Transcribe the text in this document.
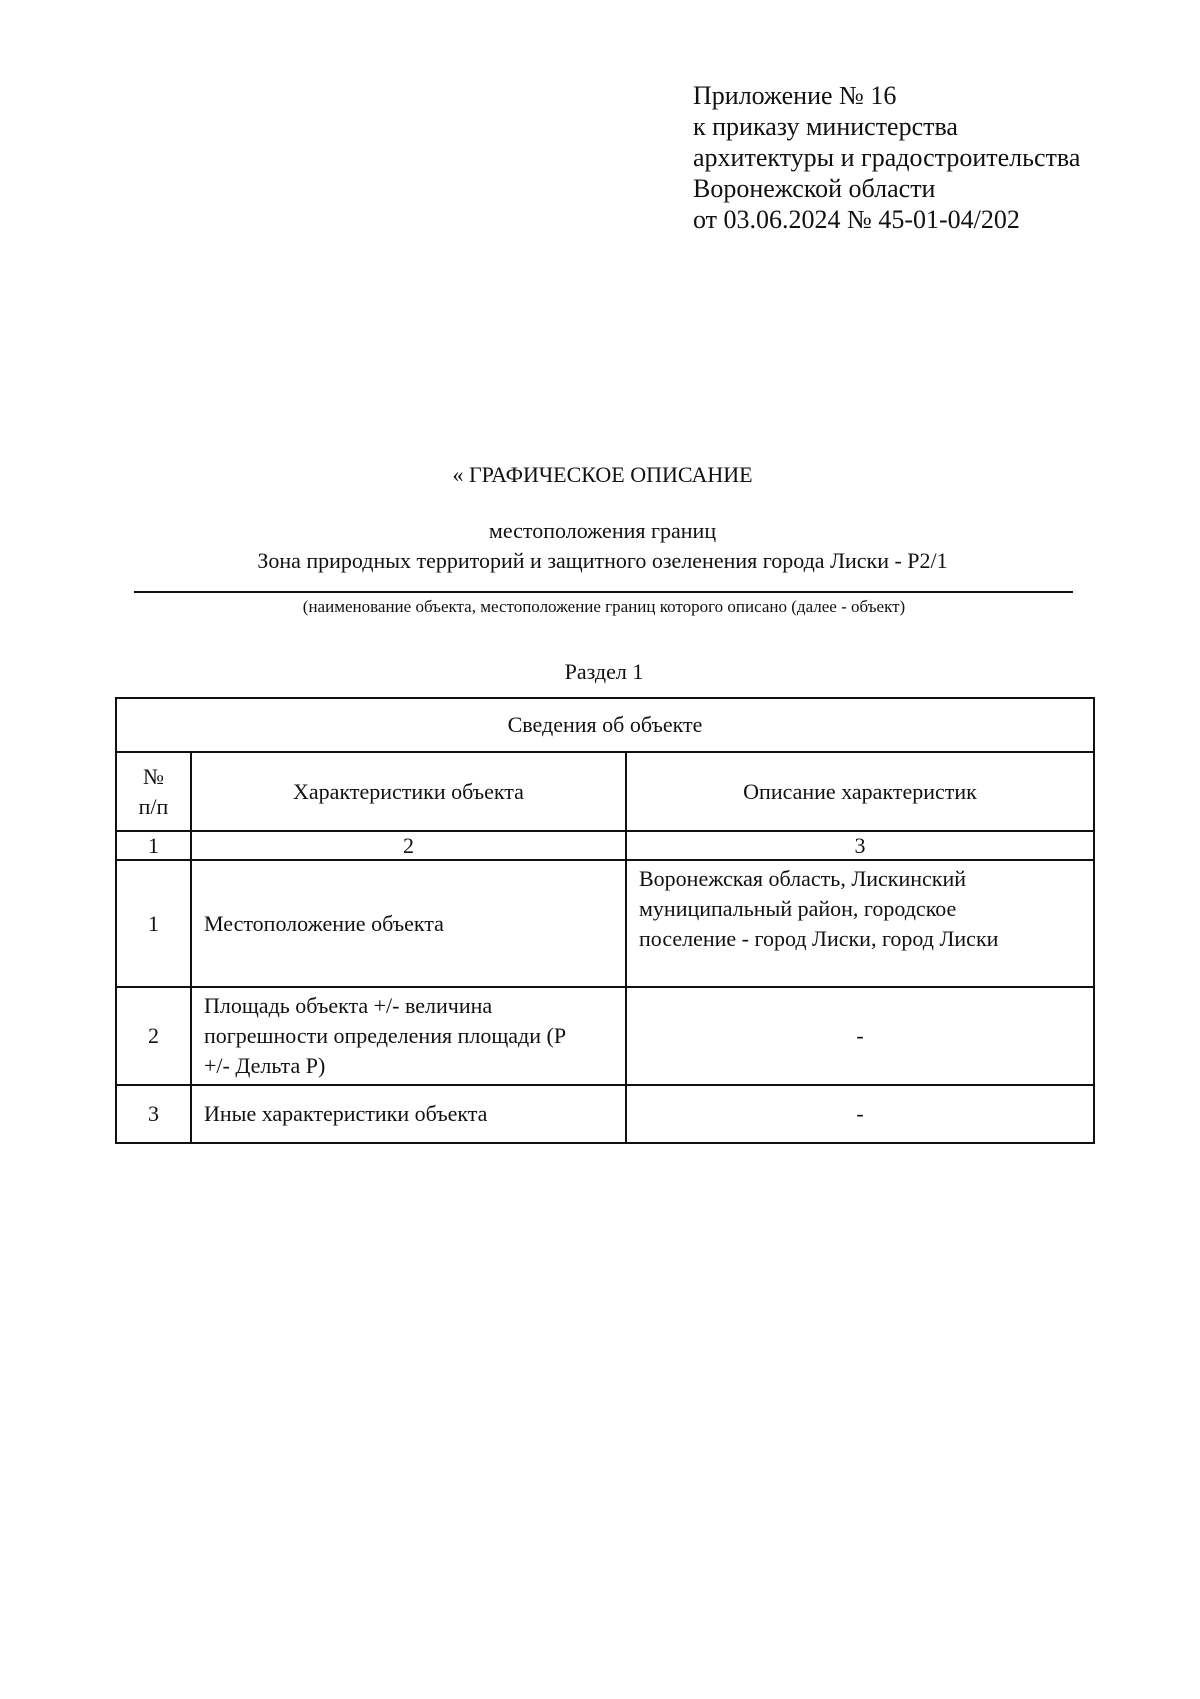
Приложение № 16
к приказу министерства
архитектуры и градостроительства
Воронежской области
от 03.06.2024 № 45-01-04/202
« ГРАФИЧЕСКОЕ ОПИСАНИЕ
местоположения границ
Зона природных территорий и защитного озеленения города Лиски - P2/1
(наименование объекта, местоположение границ которого описано (далее - объект)
Раздел 1
Сведения об объекте		

№
п/п	Характеристики объекта	Описание характеристик
1	2	3
1	Местоположение объекта	Воронежская область, Лискинский
муниципальный район, городское
поселение - город Лиски, город Лиски

2	Площадь объекта +/- величина
погрешности определения площади (P
+/- Дельта P)	-
3	Иные характеристики объекта	-
